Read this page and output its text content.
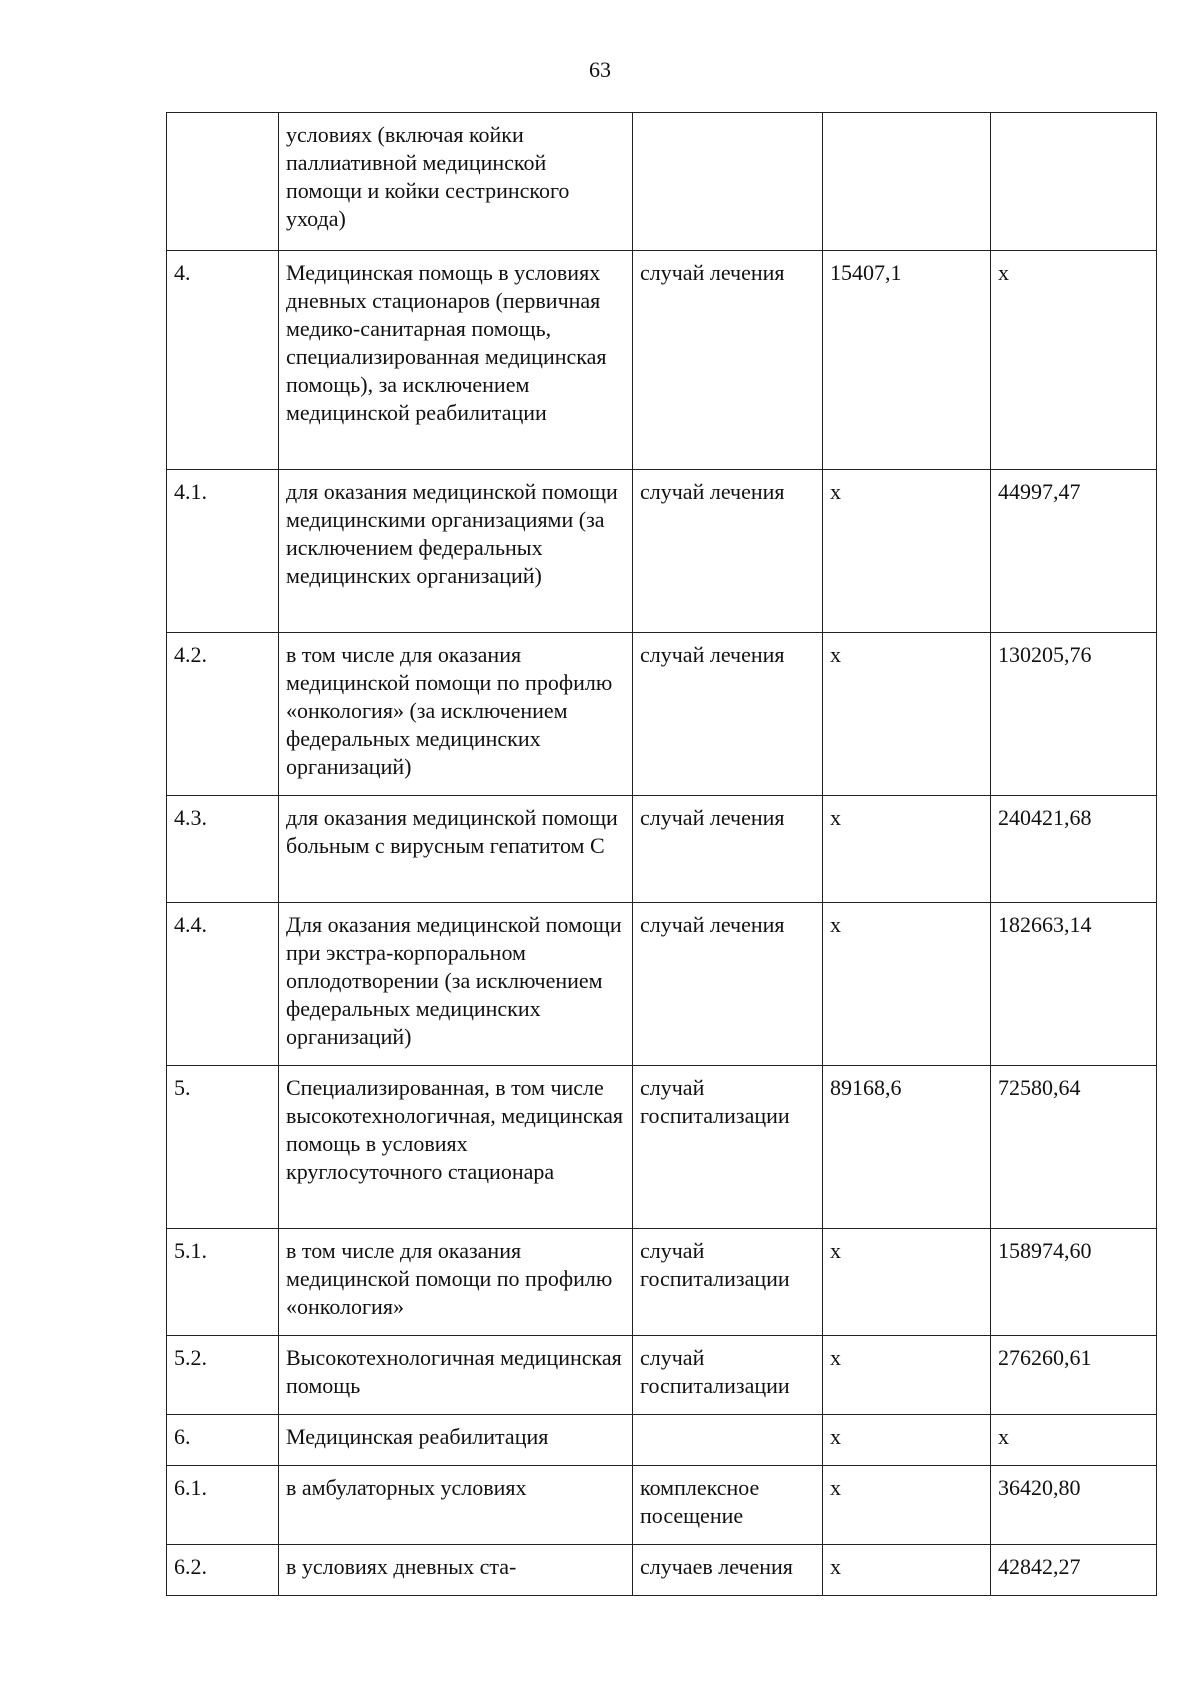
63
	условиях (включая койки паллиативной медицинской помощи и койки сестринского ухода)			
4.	Медицинская помощь в условиях дневных стационаров (первичная медико-санитарная помощь, специализированная медицинская помощь), за исключением медицинской реабилитации	случай лечения	15407,1	х
4.1.	для оказания медицинской помощи медицинскими организациями (за исключением федеральных медицинских организаций)	случай лечения	х	44997,47
4.2.	в том числе для оказания медицинской помощи по профилю «онкология» (за исключением федеральных медицинских организаций)	случай лечения	х	130205,76
4.3.	для оказания медицинской помощи больным с вирусным гепатитом С	случай лечения	х	240421,68
4.4.	Для оказания медицинской помощи при экстра-корпоральном оплодотворении (за исключением федеральных медицинских организаций)	случай лечения	х	182663,14
5.	Специализированная, в том числе высокотехнологичная, медицинская помощь в условиях круглосуточного стационара	случай госпитализации	89168,6	72580,64
5.1.	в том числе для оказания медицинской помощи по профилю «онкология»	случай госпитализации	х	158974,60
5.2.	Высокотехнологичная медицинская помощь	случай госпитализации	х	276260,61
6.	Медицинская реабилитация		х	х
6.1.	в амбулаторных условиях	комплексное посещение	х	36420,80
6.2.	в условиях дневных ста-	случаев лечения	х	42842,27
